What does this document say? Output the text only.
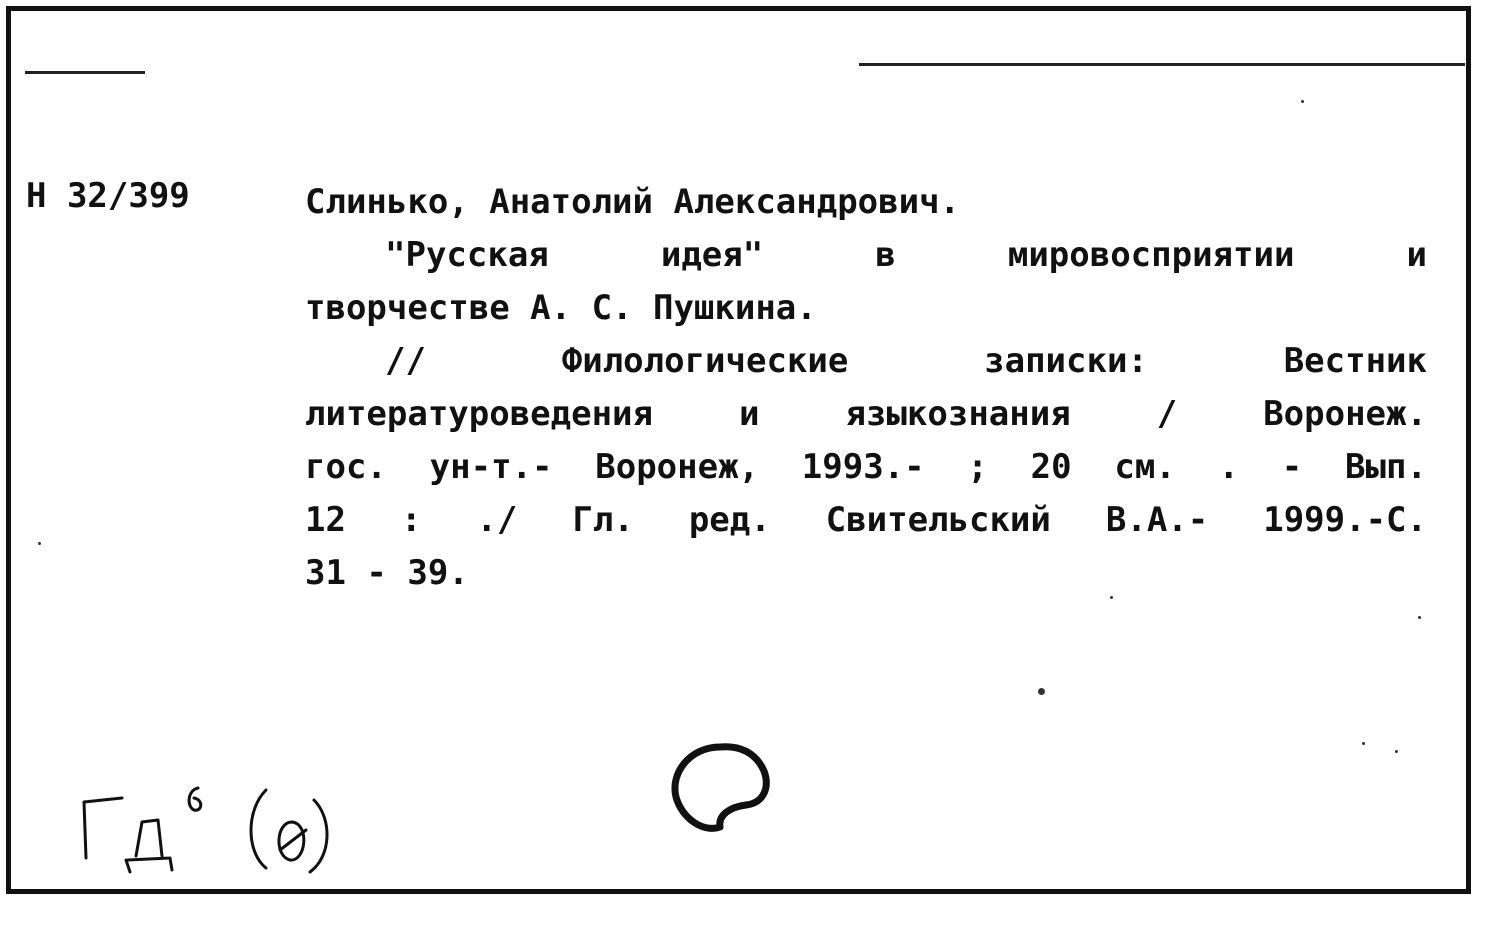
Н 32/399	Слинько, Анатолий Александрович.
"Русская	идея"	в	мировосприятии	и
творчестве А. С. Пушкина.
//	Филологические	записки:	Вестник
литературоведения	и	языкознания	/	Воронеж.
гос. ун-т.- Воронеж, 1993.- ; 20 см. . - Вып.
12 : ./ Гл. ред. Свительский В.А.- 1999.-С.
31 - 39.
